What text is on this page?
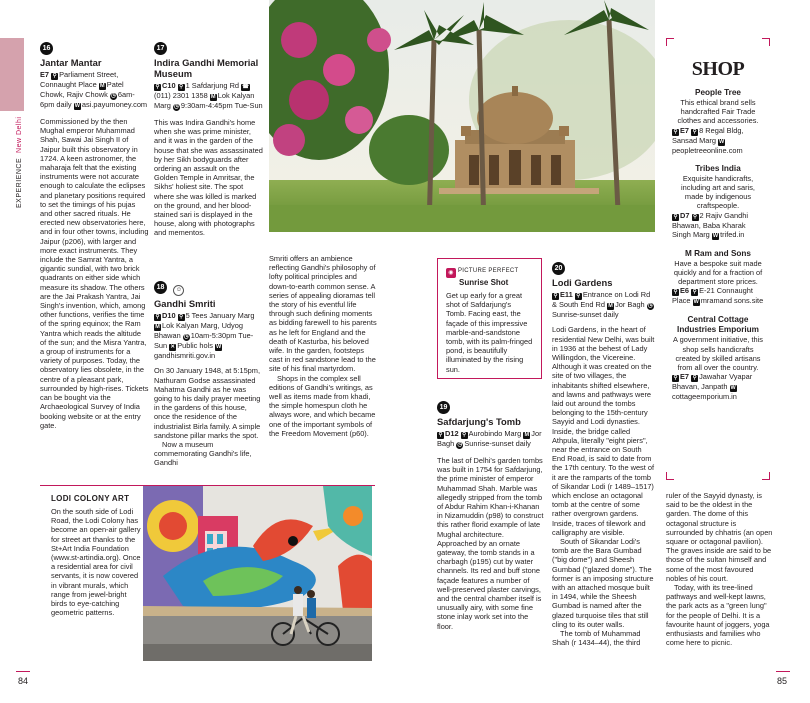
EXPERIENCE  New Delhi
16
Jantar Mantar
E7 ⚲ Parliament Street, Connaught Place M Patel Chowk, Rajiv Chowk ◷ 6am-6pm daily W asi.payumoney.com
Commissioned by the then Mughal emperor Muhammad Shah, Sawai Jai Singh II of Jaipur built this observatory in 1724. A keen astronomer, the maharaja felt that the existing instruments were not accurate enough to calculate the eclipses and planetary positions required to set the timings of his pujas and other sacred rituals. He erected new observatories here, and in four other towns, including Jaipur (p206), with larger and more exact instruments. They include the Samrat Yantra, a gigantic sundial, with two brick quadrants on either side which measure its shadow. The others are the Jai Prakash Yantra, Jai Singh's invention, which, among other functions, verifies the time of the spring equinox; the Ram Yantra which reads the altitude of the sun; and the Misra Yantra, a group of instruments for a variety of purposes. Today, the observatory lies obsolete, in the centre of a pleasant park, surrounded by high-rises. Tickets can be bought via the Archaeological Survey of India booking website or at the entry gate.
17
Indira Gandhi Memorial Museum
⚲ C10 ⚲ 1 Safdarjung Rd ☎(011) 2301 1358 M Lok Kalyan Marg ◷ 9:30am-4:45pm Tue-Sun
This was Indira Gandhi's home when she was prime minister, and it was in the garden of the house that she was assassinated by her Sikh bodyguards after ordering an assault on the Golden Temple in Amritsar, the Sikhs' holiest site. The spot where she was killed is marked on the ground, and her blood-stained sari is displayed in the house, along with photographs and mementos.
18 ☺
Gandhi Smriti
⚲ D10 ⚲ 5 Tees January Marg M Lok Kalyan Marg, Udyog Bhawan ◷ 10am-5:30pm Tue-Sun ✕ Public hols Wgandhismriti.gov.in

On 30 January 1948, at 5:15pm, Nathuram Godse assassinated Mahatma Gandhi as he was going to his daily prayer meeting in the gardens of this house, once the residence of the industrialist Birla family. A simple sandstone pillar marks the spot.

Now a museum commemorating Gandhi's life, Gandhi

Smriti offers an ambience reflecting Gandhi's philosophy of lofty political principles and down-to-earth common sense. A series of appealing dioramas tell the story of his eventful life through such defining moments as bidding farewell to his parents as he left for England and the death of Kasturba, his beloved wife. In the garden, footsteps cast in red sandstone lead to the site of his final martyrdom.

Shops in the complex sell editions of Gandhi's writings, as well as items made from khadi, the simple homespun cloth he always wore, and which became one of the important symbols of the Freedom Movement (p60).

◉ PICTURE PERFECT
Sunrise Shot
Get up early for a great shot of Safdarjung's Tomb. Facing east, the façade of this impressive marble-and-sandstone tomb, with its palm-fringed pond, is beautifully illuminated by the rising sun.
19
Safdarjung's Tomb
⚲ D12 ⚲ Aurobindo Marg M Jor Bagh ◷ Sunrise-sunset daily
The last of Delhi's garden tombs was built in 1754 for Safdarjung, the prime minister of emperor Muhammad Shah. Marble was allegedly stripped from the tomb of Abdur Rahim Khan-i-Khanan in Nizamuddin (p98) to construct this rather florid example of late Mughal architecture. Approached by an ornate gateway, the tomb stands in a charbagh (p195) cut by water channels. Its red and buff stone façade features a number of well-preserved plaster carvings, and the central chamber itself is unusually airy, with some fine stone inlay work set into the floor.
20
Lodi Gardens
⚲ E11 ⚲ Entrance on Lodi Rd & South End Rd M Jor Bagh ◷Sunrise-sunset daily

Lodi Gardens, in the heart of residential New Delhi, was built in 1936 at the behest of Lady Willingdon, the Vicereine. Although it was created on the site of two villages, the inhabitants shifted elsewhere, and lawns and pathways were laid out around the tombs belonging to the 15th-century Sayyid and Lodi dynasties. Inside, the bridge called Athpula, literally "eight piers", near the entrance on South End Road, is said to date from the 17th century. To the west of it are the ramparts of the tomb of Sikandar Lodi (r 1489–1517) which enclose an octagonal tomb at the centre of some rather overgrown gardens. Inside, traces of tilework and calligraphy are visible.

South of Sikandar Lodi's tomb are the Bara Gumbad ("big dome") and Sheesh Gumbad ("glazed dome"). The former is an imposing structure with an attached mosque built in 1494, while the Sheesh Gumbad is named after the glazed turquoise tiles that still cling to its outer walls.

The tomb of Muhammad Shah (r 1434–44), the third

ruler of the Sayyid dynasty, is said to be the oldest in the garden. The dome of this octagonal structure is surrounded by chhatris (an open square or octagonal pavilion). The graves inside are said to be those of the sultan himself and some of the most favoured nobles of his court.

Today, with its tree-lined pathways and well-kept lawns, the park acts as a "green lung" for the people of Delhi. It is a favourite haunt of joggers, yoga enthusiasts and families who come here to picnic.

SHOP
People Tree
This ethical brand sells handcrafted Fair Trade clothes and accessories.
⚲ E7 ⚲ 8 Regal Bldg, Sansad Marg Wpeopletreeonline.com
Tribes India
Exquisite handicrafts, including art and saris, made by indigenous craftspeople.
⚲ D7 ⚲ 2 Rajiv Gandhi Bhawan, Baba Kharak Singh Marg W trifed.in
M Ram and Sons
Have a bespoke suit made quickly and for a fraction of department store prices.
⚲ E6 ⚲ E-21 Connaught Place W mramand sons.site
Central Cottage Industries Emporium
A government initiative, this shop sells handicrafts created by skilled artisans from all over the country.
⚲ E7 ⚲ Jawahar Vyapar Bhavan, Janpath Wcottageemporium.in
LODI COLONY ART
On the south side of Lodi Road, the Lodi Colony has become an open-air gallery for street art thanks to the St+Art India Foundation (www.st-artindia.org). Once a residential area for civil servants, it is now covered in vibrant murals, which range from jewel-bright birds to eye-catching geometric patterns.
84	85
